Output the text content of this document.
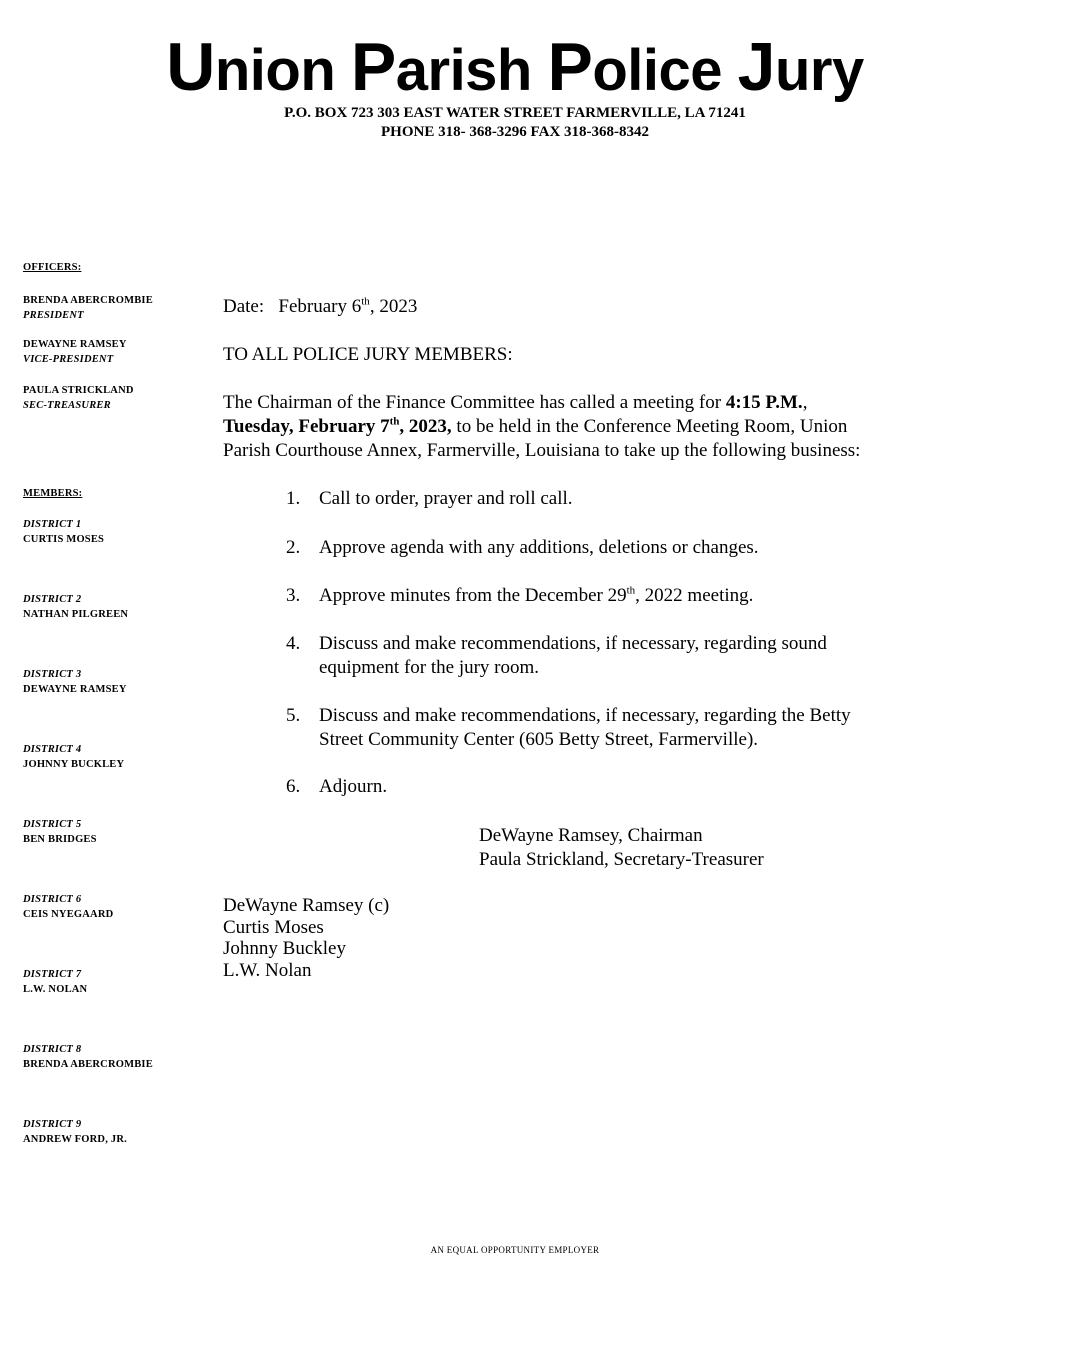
Union Parish Police Jury
P.O. BOX 723 303 EAST WATER STREET FARMERVILLE, LA 71241
PHONE 318- 368-3296 FAX 318-368-8342
OFFICERS:
BRENDA ABERCROMBIE
PRESIDENT
DEWAYNE RAMSEY
VICE-PRESIDENT
PAULA STRICKLAND
SEC-TREASURER
MEMBERS:
DISTRICT 1
CURTIS MOSES
DISTRICT 2
NATHAN PILGREEN
DISTRICT 3
DEWAYNE RAMSEY
DISTRICT 4
JOHNNY BUCKLEY
DISTRICT 5
BEN BRIDGES
DISTRICT 6
CEIS NYEGAARD
DISTRICT 7
L.W. NOLAN
DISTRICT 8
BRENDA ABERCROMBIE
DISTRICT 9
ANDREW FORD, JR.
Date: February 6th, 2023
TO ALL POLICE JURY MEMBERS:
The Chairman of the Finance Committee has called a meeting for 4:15 P.M.,
Tuesday, February 7th, 2023, to be held in the Conference Meeting Room, Union
Parish Courthouse Annex, Farmerville, Louisiana to take up the following business:
1. Call to order, prayer and roll call.
2. Approve agenda with any additions, deletions or changes.
3. Approve minutes from the December 29th, 2022 meeting.
4. Discuss and make recommendations, if necessary, regarding sound
equipment for the jury room.
5. Discuss and make recommendations, if necessary, regarding the Betty
Street Community Center (605 Betty Street, Farmerville).
6. Adjourn.
DeWayne Ramsey, Chairman
Paula Strickland, Secretary-Treasurer
DeWayne Ramsey (c)
Curtis Moses
Johnny Buckley
L.W. Nolan
AN EQUAL OPPORTUNITY EMPLOYER
